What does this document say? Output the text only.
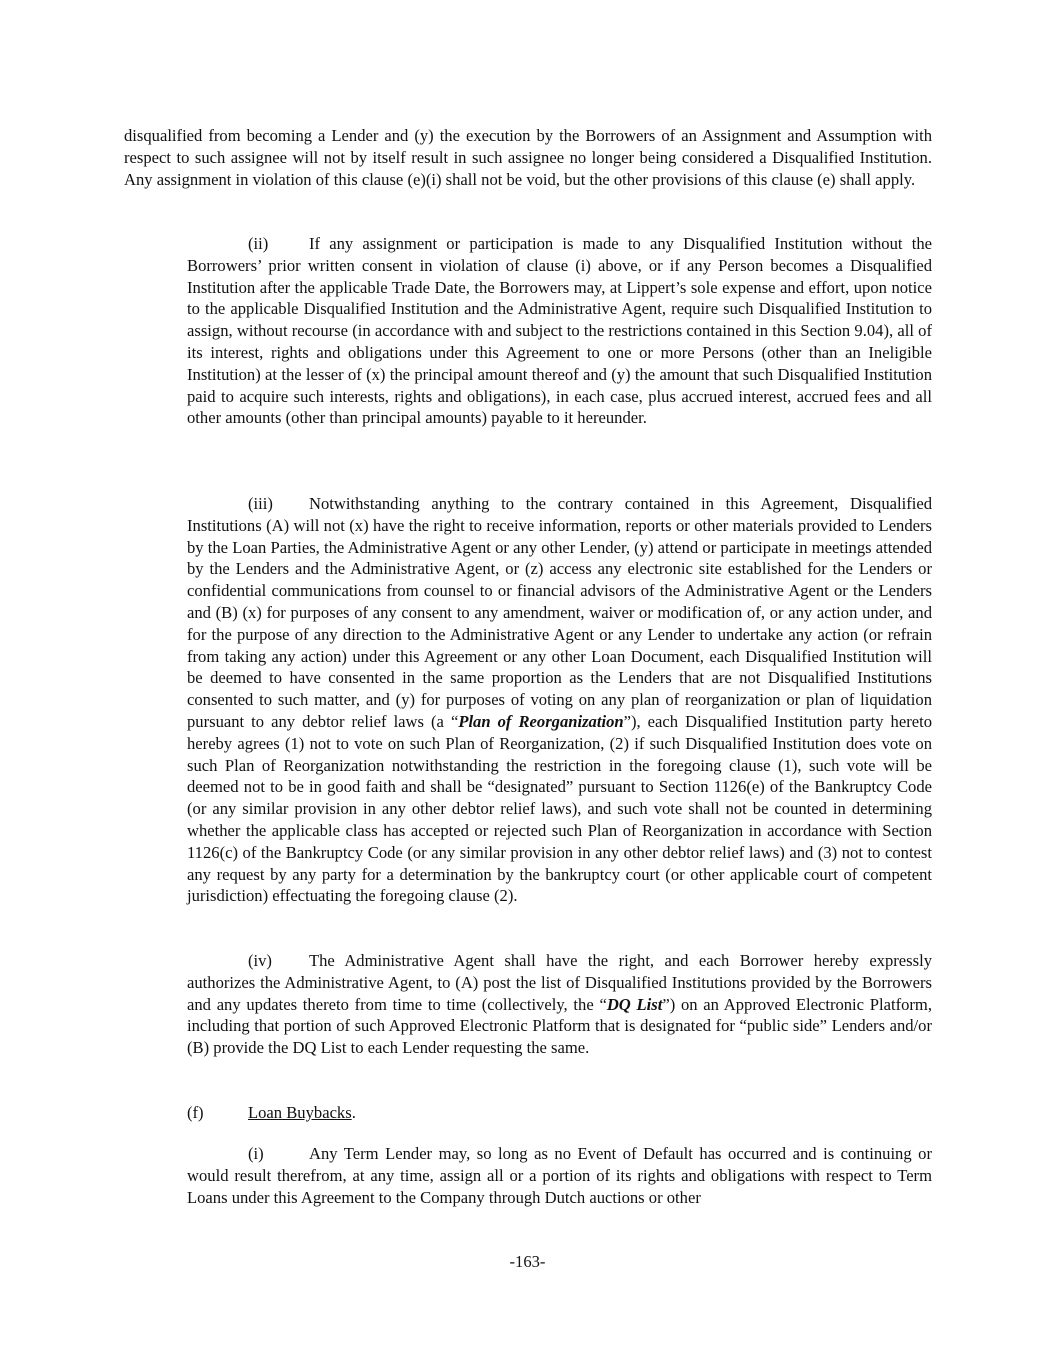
disqualified from becoming a Lender and (y) the execution by the Borrowers of an Assignment and Assumption with respect to such assignee will not by itself result in such assignee no longer being considered a Disqualified Institution. Any assignment in violation of this clause (e)(i) shall not be void, but the other provisions of this clause (e) shall apply.

(ii) If any assignment or participation is made to any Disqualified Institution without the Borrowers’ prior written consent in violation of clause (i) above, or if any Person becomes a Disqualified Institution after the applicable Trade Date, the Borrowers may, at Lippert’s sole expense and effort, upon notice to the applicable Disqualified Institution and the Administrative Agent, require such Disqualified Institution to assign, without recourse (in accordance with and subject to the restrictions contained in this Section 9.04), all of its interest, rights and obligations under this Agreement to one or more Persons (other than an Ineligible Institution) at the lesser of (x) the principal amount thereof and (y) the amount that such Disqualified Institution paid to acquire such interests, rights and obligations), in each case, plus accrued interest, accrued fees and all other amounts (other than principal amounts) payable to it hereunder.

(iii) Notwithstanding anything to the contrary contained in this Agreement, Disqualified Institutions (A) will not (x) have the right to receive information, reports or other materials provided to Lenders by the Loan Parties, the Administrative Agent or any other Lender, (y) attend or participate in meetings attended by the Lenders and the Administrative Agent, or (z) access any electronic site established for the Lenders or confidential communications from counsel to or financial advisors of the Administrative Agent or the Lenders and (B) (x) for purposes of any consent to any amendment, waiver or modification of, or any action under, and for the purpose of any direction to the Administrative Agent or any Lender to undertake any action (or refrain from taking any action) under this Agreement or any other Loan Document, each Disqualified Institution will be deemed to have consented in the same proportion as the Lenders that are not Disqualified Institutions consented to such matter, and (y) for purposes of voting on any plan of reorganization or plan of liquidation pursuant to any debtor relief laws (a “Plan of Reorganization”), each Disqualified Institution party hereto hereby agrees (1) not to vote on such Plan of Reorganization, (2) if such Disqualified Institution does vote on such Plan of Reorganization notwithstanding the restriction in the foregoing clause (1), such vote will be deemed not to be in good faith and shall be “designated” pursuant to Section 1126(e) of the Bankruptcy Code (or any similar provision in any other debtor relief laws), and such vote shall not be counted in determining whether the applicable class has accepted or rejected such Plan of Reorganization in accordance with Section 1126(c) of the Bankruptcy Code (or any similar provision in any other debtor relief laws) and (3) not to contest any request by any party for a determination by the bankruptcy court (or other applicable court of competent jurisdiction) effectuating the foregoing clause (2).

(iv) The Administrative Agent shall have the right, and each Borrower hereby expressly authorizes the Administrative Agent, to (A) post the list of Disqualified Institutions provided by the Borrowers and any updates thereto from time to time (collectively, the “DQ List”) on an Approved Electronic Platform, including that portion of such Approved Electronic Platform that is designated for “public side” Lenders and/or (B) provide the DQ List to each Lender requesting the same.

(f)	Loan Buybacks.

(i)	Any Term Lender may, so long as no Event of Default has occurred and is continuing or would result therefrom, at any time, assign all or a portion of its rights and obligations with respect to Term Loans under this Agreement to the Company through Dutch auctions or other

-163-
